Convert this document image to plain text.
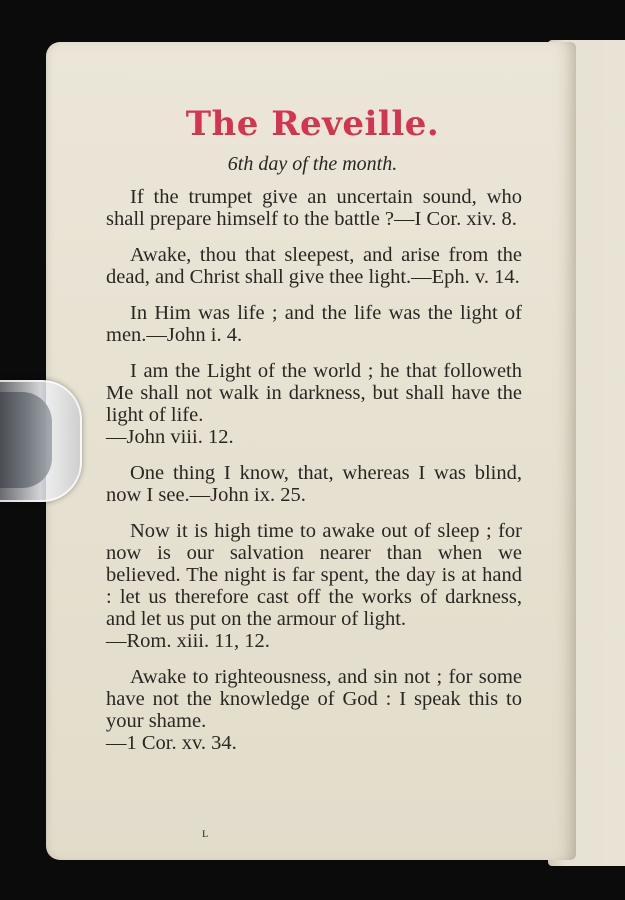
The Reveille.
6th day of the month.

If the trumpet give an uncertain sound, who shall prepare himself to the battle ?—I Cor. xiv. 8.

Awake, thou that sleepest, and arise from the dead, and Christ shall give thee light.—Eph. v. 14.

In Him was life ; and the life was the light of men.—John i. 4.

I am the Light of the world ; he that followeth Me shall not walk in darkness, but shall have the light of life.

—John viii. 12.

One thing I know, that, whereas I was blind, now I see.—John ix. 25.

Now it is high time to awake out of sleep ; for now is our salvation nearer than when we believed. The night is far spent, the day is at hand : let us therefore cast off the works of darkness, and let us put on the armour of light.

—Rom. xiii. 11, 12.

Awake to righteousness, and sin not ; for some have not the knowledge of God : I speak this to your shame.

—1 Cor. xv. 34.
ʟ
